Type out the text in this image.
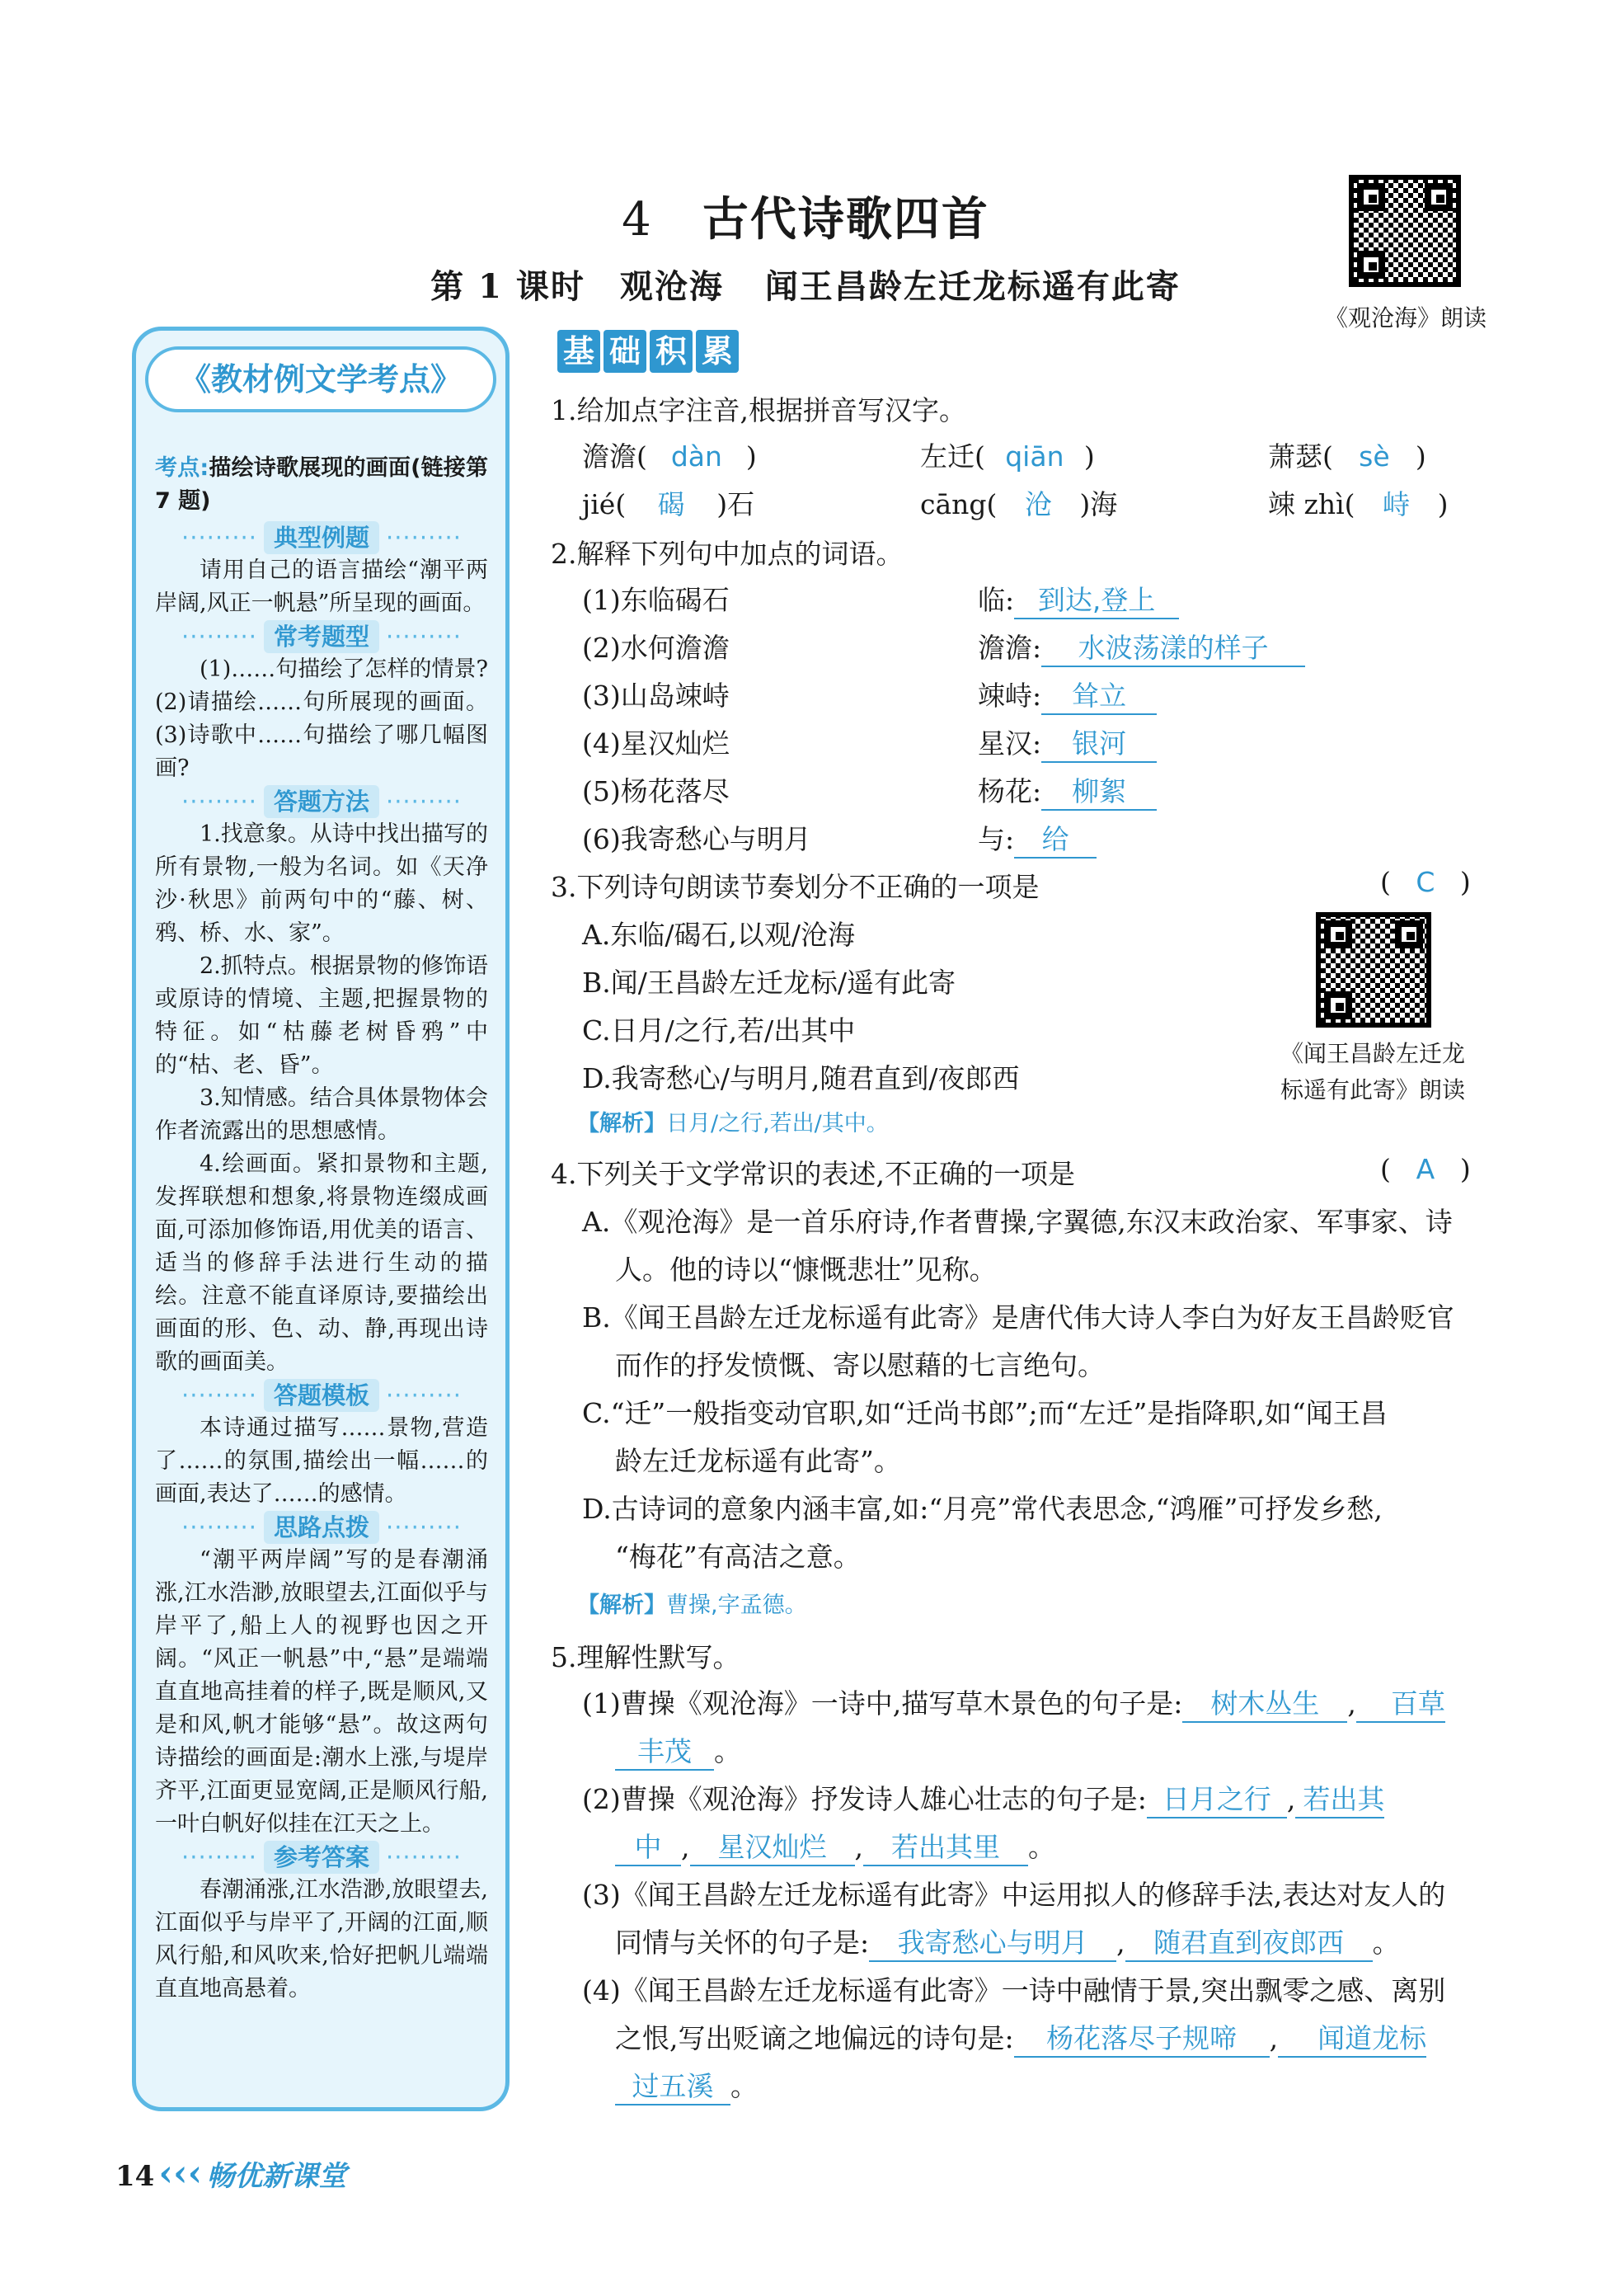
4 古代诗歌四首
第 1 课时　观沧海 闻王昌龄左迁龙标遥有此寄
《观沧海》朗读
《教材例文学考点》
考点:描绘诗歌展现的画面(链接第 7 题)
····· 典型例题 ·····
请用自己的语言描绘“潮平两岸阔,风正一帆悬”所呈现的画面。
····· 常考题型 ·····
(1)……句描绘了怎样的情景?(2)请描绘……句所展现的画面。(3)诗歌中……句描绘了哪几幅图画?
····· 答题方法 ·····
1.找意象。从诗中找出描写的所有景物,一般为名词。如《天净沙·秋思》前两句中的“藤、树、鸦、桥、水、家”。
2.抓特点。根据景物的修饰语或原诗的情境、主题,把握景物的特征。如“枯藤老树昏鸦”中的“枯、老、昏”。
3.知情感。结合具体景物体会作者流露出的思想感情。
4.绘画面。紧扣景物和主题,发挥联想和想象,将景物连缀成画面,可添加修饰语,用优美的语言、适当的修辞手法进行生动的描绘。注意不能直译原诗,要描绘出画面的形、色、动、静,再现出诗歌的画面美。
····· 答题模板 ·····
本诗通过描写……景物,营造了……的氛围,描绘出一幅……的画面,表达了……的感情。
····· 思路点拨 ·····
“潮平两岸阔”写的是春潮涌涨,江水浩渺,放眼望去,江面似乎与岸平了,船上人的视野也因之开阔。“风正一帆悬”中,“悬”是端端直直地高挂着的样子,既是顺风,又是和风,帆才能够“悬”。故这两句诗描绘的画面是:潮水上涨,与堤岸齐平,江面更显宽阔,正是顺风行船,一叶白帆好似挂在江天之上。
····· 参考答案 ·····
春潮涌涨,江水浩渺,放眼望去,江面似乎与岸平了,开阔的江面,顺风行船,和风吹来,恰好把帆儿端端直直地高悬着。
基 础 积 累
1.给加点字注音,根据拼音写汉字。
澹澹( dàn )	左迁( qiān )	萧瑟( sè )
jié( 碣 )石	cāng( 沧 )海	竦 zhì( 峙 )
2.解释下列句中加点的词语。
(1)东临碣石	临: 到达,登上
(2)水何澹澹	澹澹: 水波荡漾的样子
(3)山岛竦峙	竦峙: 耸立
(4)星汉灿烂	星汉: 银河
(5)杨花落尽	杨花: 柳絮
(6)我寄愁心与明月	与: 给
3.下列诗句朗读节奏划分不正确的一项是	( C )
A.东临/碣石,以观/沧海
B.闻/王昌龄左迁龙标/遥有此寄
C.日月/之行,若/出其中
D.我寄愁心/与明月,随君直到/夜郎西
【解析】日月/之行,若出/其中。
《闻王昌龄左迁龙
标遥有此寄》朗读
4.下列关于文学常识的表述,不正确的一项是	( A )
A.《观沧海》是一首乐府诗,作者曹操,字翼德,东汉末政治家、军事家、诗
人。他的诗以“慷慨悲壮”见称。
B.《闻王昌龄左迁龙标遥有此寄》是唐代伟大诗人李白为好友王昌龄贬官
而作的抒发愤慨、寄以慰藉的七言绝句。
C.“迁”一般指变动官职,如“迁尚书郎”;而“左迁”是指降职,如“闻王昌
龄左迁龙标遥有此寄”。
D.古诗词的意象内涵丰富,如:“月亮”常代表思念,“鸿雁”可抒发乡愁,
“梅花”有高洁之意。
【解析】曹操,字孟德。
5.理解性默写。
(1)曹操《观沧海》一诗中,描写草木景色的句子是: 树木丛生 , 百草
丰茂 。
(2)曹操《观沧海》抒发诗人雄心壮志的句子是: 日月之行 , 若出其
中 , 星汉灿烂 , 若出其里 。
(3)《闻王昌龄左迁龙标遥有此寄》中运用拟人的修辞手法,表达对友人的
同情与关怀的句子是: 我寄愁心与明月 , 随君直到夜郎西 。
(4)《闻王昌龄左迁龙标遥有此寄》一诗中融情于景,突出飘零之感、离别
之恨,写出贬谪之地偏远的诗句是: 杨花落尽子规啼 , 闻道龙标
过五溪 。
14 ‹‹‹ 畅优新课堂
